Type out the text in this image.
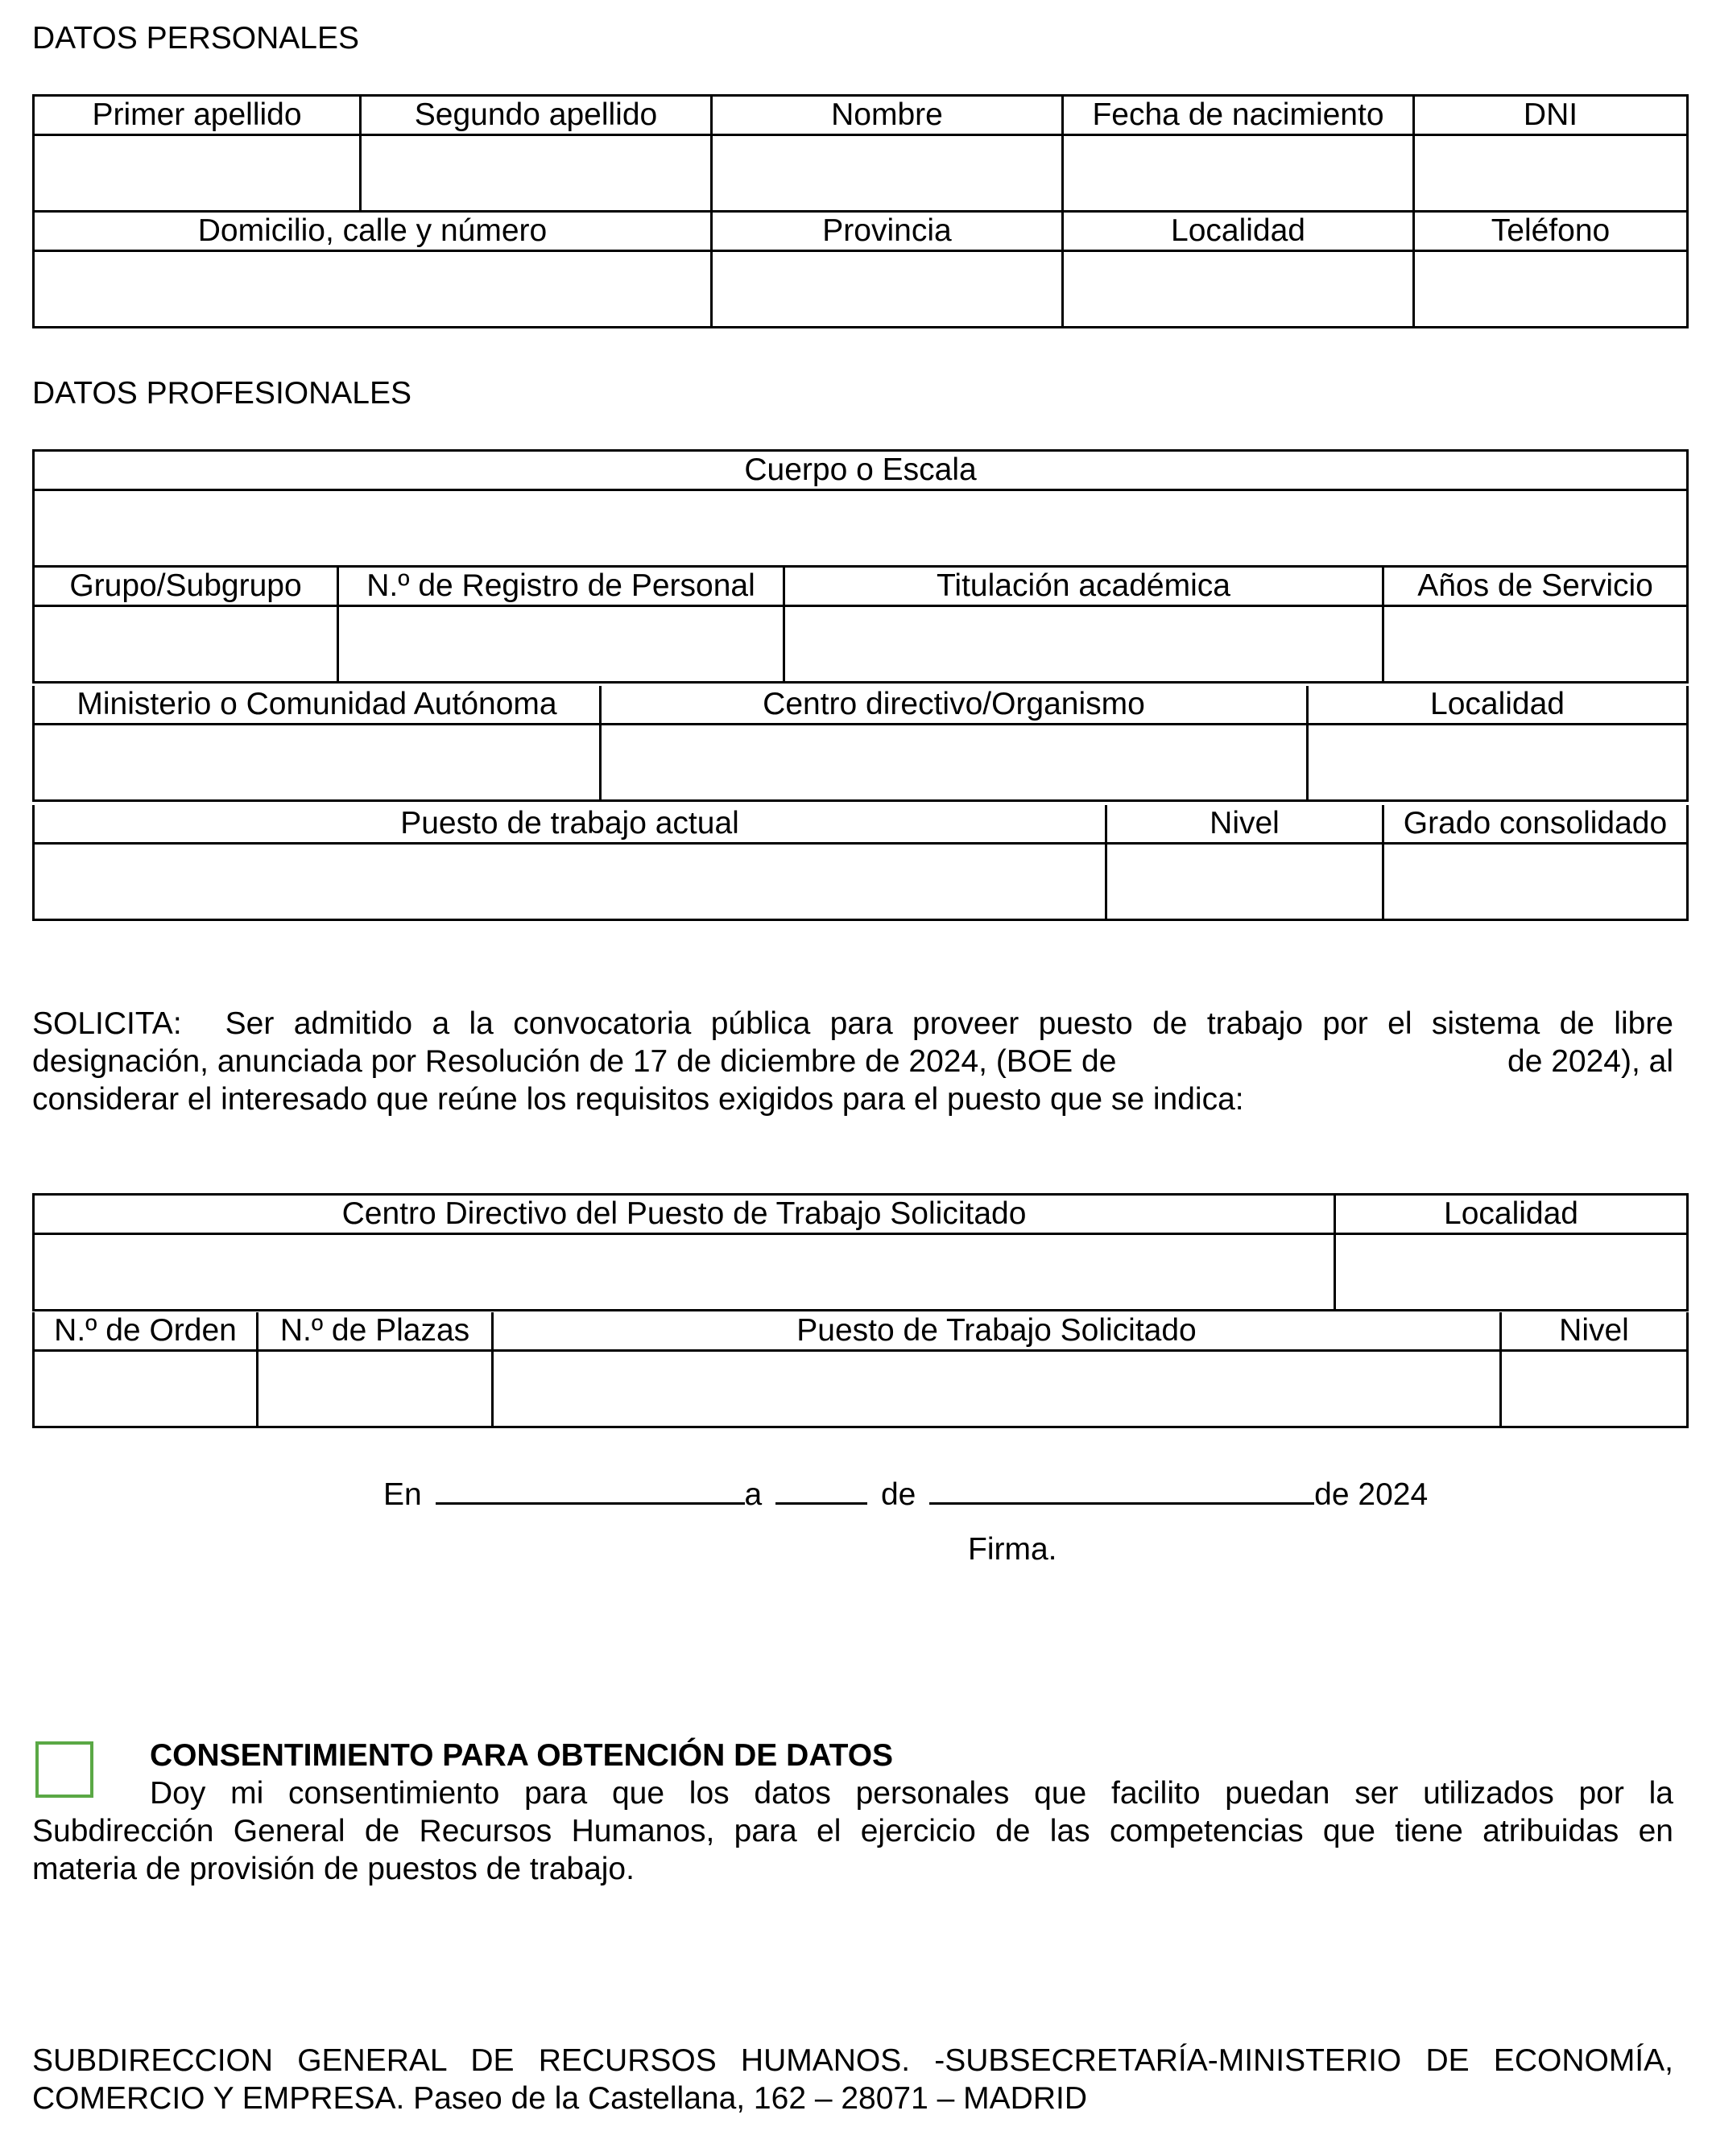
DATOS PERSONALES
Primer apellido	Segundo apellido	Nombre	Fecha de nacimiento	DNI

Domicilio, calle y número		Provincia	Localidad	Teléfono

DATOS PROFESIONALES
Cuerpo o Escala			

Grupo/Subgrupo	N.º de Registro de Personal	Titulación académica	Años de Servicio

Ministerio o Comunidad Autónoma	Centro directivo/Organismo	Localidad

Puesto de trabajo actual	Nivel	Grado consolidado

SOLICITA: Ser admitido a la convocatoria pública para proveer puesto de trabajo por el sistema de libre
designación, anunciada por Resolución de 17 de diciembre de 2024, (BOE de	de 2024), al
considerar el interesado que reúne los requisitos exigidos para el puesto que se indica:
Centro Directivo del Puesto de Trabajo Solicitado	Localidad

N.º de Orden	N.º de Plazas	Puesto de Trabajo Solicitado	Nivel

En	a	de	de 2024
Firma.
CONSENTIMIENTO PARA OBTENCIÓN DE DATOS
Doy mi consentimiento para que los datos personales que facilito puedan ser utilizados por la
Subdirección General de Recursos Humanos, para el ejercicio de las competencias que tiene atribuidas en
materia de provisión de puestos de trabajo.
SUBDIRECCION GENERAL DE RECURSOS HUMANOS. -SUBSECRETARÍA-MINISTERIO DE ECONOMÍA,
COMERCIO Y EMPRESA. Paseo de la Castellana, 162 – 28071 – MADRID
